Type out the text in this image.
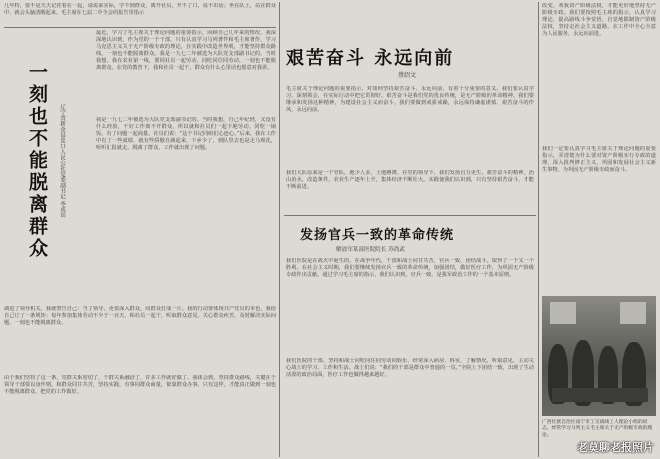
几年特，要不是天天记挂着在一起，请说来实际，学不到群众，离开社员，开不了口，说不出话；坐在队上，站在群众中，就会头脑清醒起来。毛主席在七届二中全会的报告里指示
一刻也不能脱离群众	辽宁省新金县皮口人民公社党委副书记 李成田
最近，学习了毛主席关于理论问题的重要指示，回顾自己几年来的情况，我深深地认识到，作为党的一个干部，只有认真学习马列著作和毛主席著作，学习马克思主义关于无产阶级专政的理论，在实践中改造世界观，才能坚持群众路线，一刻也不能脱离群众。我是一九七二年被选为大队党支部副书记的。当时我想，我在农业第一线，要同社员一起劳动，同吃同住同劳动，一刻也不能脱离群众。在党的教育下，我和社员一起干，群众有什么心里话也愿意对我讲。
我是一九七二年被选为大队党支部副书记的。当时我想，自己年纪轻，又没有什么经验，干好工作离不开群众，所以就和社员们一起下地劳动，同吃一锅饭，有了问题一起商量。社员们说：“这个书记同咱们心连心。”后来，我在工作中有了一些成绩，就有些骄傲自满起来，下乡少了，到队里去也是走马观花，听听汇报就走。脱离了群众，工作就出现了问题。
调进了领导机关，我就警告自己：当了领导，更要深入群众，同群众打成一片。我的行动要体现共产党员的本色，我给自己订了一条规矩：每年参加集体劳动不少于一百天，和社员一起干，听取群众意见，关心群众疾苦，及时解决实际问题。一刻也不能脱离群众。
由于我们坚持了这一条，党群关系密切了，干群关系融洽了，许多工作就好做了。我体会到，坚持群众路线，关键在于领导干部要以身作则，和群众同甘共苦，坚持实践，有事同群众商量，依靠群众办事，只有这样，才能真正做到一刻也不能脱离群众，把党的工作做好。
艰苦奋斗 永远向前
蔡绍文
毛主席关于理论问题的重要指示，对如何坚持艰苦奋斗、永远向前，有着十分重要的意义。我们要认真学习，深刻领会，在实际行动中把它贯彻好。艰苦奋斗是我们党的优良传统，是无产阶级的革命精神。我们要继承和发扬这种精神，为建设社会主义而奋斗。我们要做到戒骄戒躁，永远保持谦虚谨慎、艰苦奋斗的作风，永远向前。
我们大队原来是一个穷队，地少人多，土地瘠薄。在党的领导下，我们发扬自力更生、艰苦奋斗的精神，治山治水，改造条件，农业生产逐年上升，集体经济不断壮大。实践使我们认识到，只有坚持艰苦奋斗，才能不断前进。
发扬官兵一致的革命传统
解放军某部医院院长 苏尚武
我们医院是在战火中诞生的，在战争年代，干部和战士同甘共苦，官兵一致，团结战斗，取得了一个又一个胜利。在社会主义时期，我们要继续发扬官兵一致的革命传统，加强团结，做好医疗工作，为巩固无产阶级专政作出贡献。通过学习毛主席的指示，我们认识到，官兵一致，是我军政治工作的一个基本原则。
我们医院的干部，坚持和战士同吃同住同劳动同娱乐，经常深入病房、科室，了解情况，听取意见，主动关心战士的学习、工作和生活。战士们说：“我们的干部是群众中普通的一员。”全院上下团结一致，出现了生动活泼的政治局面，医疗工作也做得越来越好。
改变。欢我资产阶级法权，才能更好地坚持无产阶级专政。我们要按照毛主席的指示，认真学习理论，提高路线斗争觉悟，自觉地限制资产阶级法权，坚持走社会主义道路，在工作中全心全意为人民服务，永远向前进。
我们一定要认真学习毛主席关于理论问题的重要指示，弄清楚为什么要对资产阶级实行专政的道理，深入批判修正主义，巩固和发展社会主义新生事物，为巩固无产阶级专政而奋斗。
广西壮族自治区南宁市工交战线工人理论小组的同志，经常学习马列主义毛主席关于无产阶级专政的理论。
老莫聊老报照片
